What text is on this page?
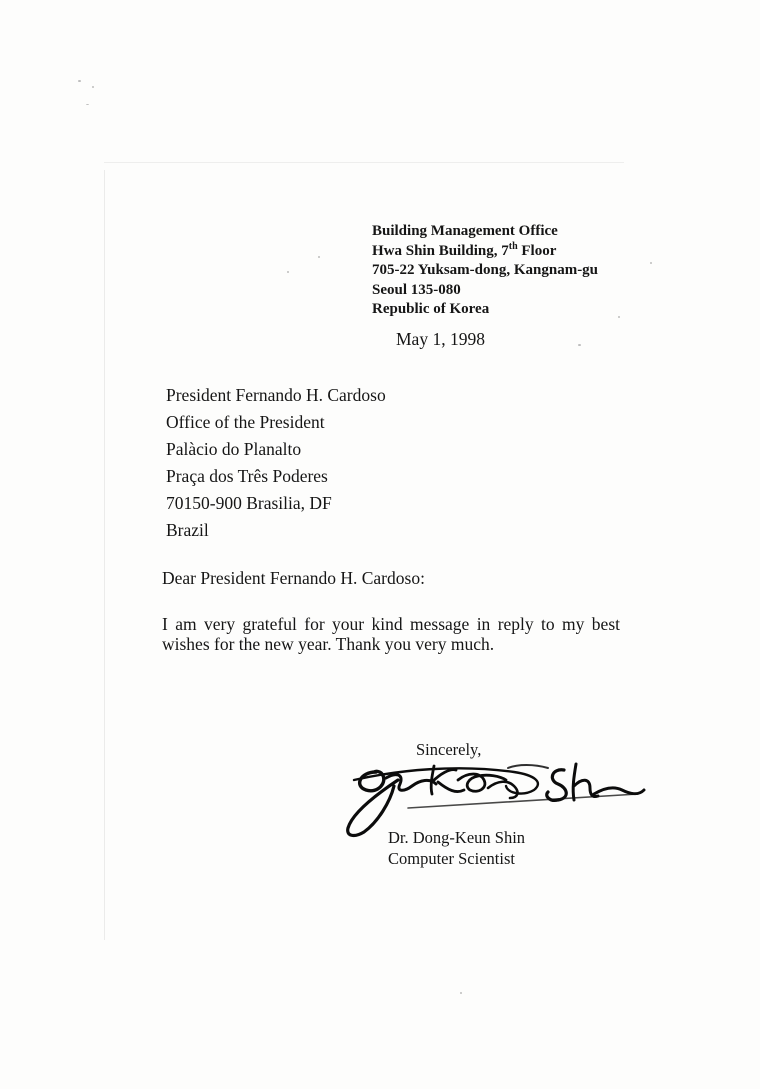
Building Management Office
Hwa Shin Building, 7th Floor
705-22 Yuksam-dong, Kangnam-gu
Seoul 135-080
Republic of Korea
May 1, 1998
President Fernando H. Cardoso
Office of the President
Palàcio do Planalto
Praça dos Três Poderes
70150-900 Brasilia, DF
Brazil
Dear President Fernando H. Cardoso:
I am very grateful for your kind message in reply to my best wishes for the new year. Thank you very much.
Sincerely,
Dr. Dong-Keun Shin
Computer Scientist
